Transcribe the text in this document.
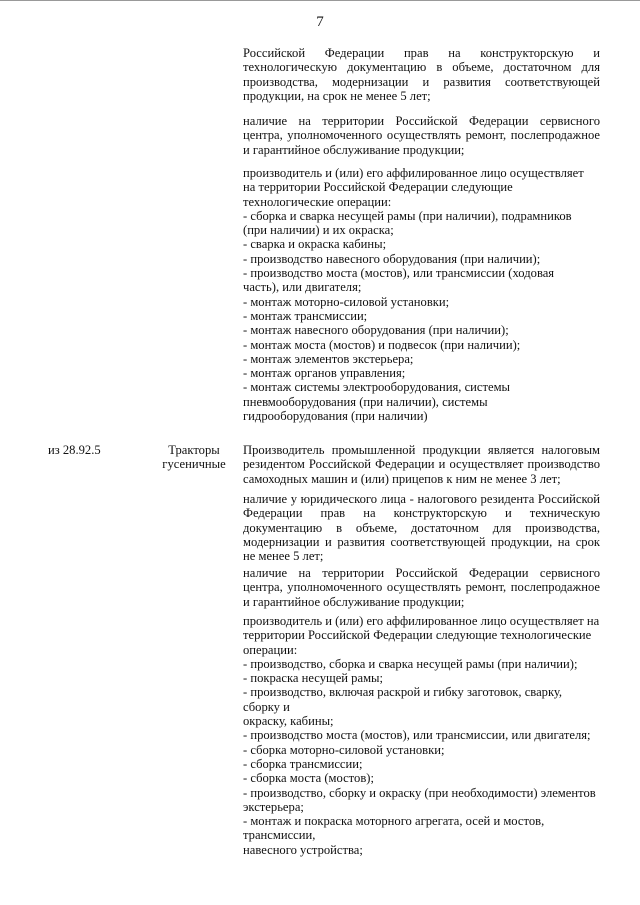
7

Российской Федерации прав на конструкторскую и технологическую документацию в объеме, достаточном для производства, модернизации и развития соответствующей продукции, на срок не менее 5 лет;

наличие на территории Российской Федерации сервисного центра, уполномоченного осуществлять ремонт, послепродажное и гарантийное обслуживание продукции;

производитель и (или) его аффилированное лицо осуществляет
на территории Российской Федерации следующие
технологические операции:
- сборка и сварка несущей рамы (при наличии), подрамников
(при наличии) и их окраска;
- сварка и окраска кабины;
- производство навесного оборудования (при наличии);
- производство моста (мостов), или трансмиссии (ходовая
часть), или двигателя;
- монтаж моторно-силовой установки;
- монтаж трансмиссии;
- монтаж навесного оборудования (при наличии);
- монтаж моста (мостов) и подвесок (при наличии);
- монтаж элементов экстерьера;
- монтаж органов управления;
- монтаж системы электрооборудования, системы
пневмооборудования (при наличии), системы
гидрооборудования (при наличии)
из 28.92.5	Тракторы
гусеничные

Производитель промышленной продукции является налоговым резидентом Российской Федерации и осуществляет производство самоходных машин и (или) прицепов к ним не менее 3 лет;

наличие у юридического лица - налогового резидента Российской Федерации прав на конструкторскую и техническую документацию в объеме, достаточном для производства, модернизации и развития соответствующей продукции, на срок не менее 5 лет;

наличие на территории Российской Федерации сервисного центра, уполномоченного осуществлять ремонт, послепродажное и гарантийное обслуживание продукции;

производитель и (или) его аффилированное лицо осуществляет на
территории Российской Федерации следующие технологические
операции:
- производство, сборка и сварка несущей рамы (при наличии);
- покраска несущей рамы;
- производство, включая раскрой и гибку заготовок, сварку, сборку и
окраску, кабины;
- производство моста (мостов), или трансмиссии, или двигателя;
- сборка моторно-силовой установки;
- сборка трансмиссии;
- сборка моста (мостов);
- производство, сборку и окраску (при необходимости) элементов
экстерьера;
- монтаж и покраска моторного агрегата, осей и мостов, трансмиссии,
навесного устройства;
